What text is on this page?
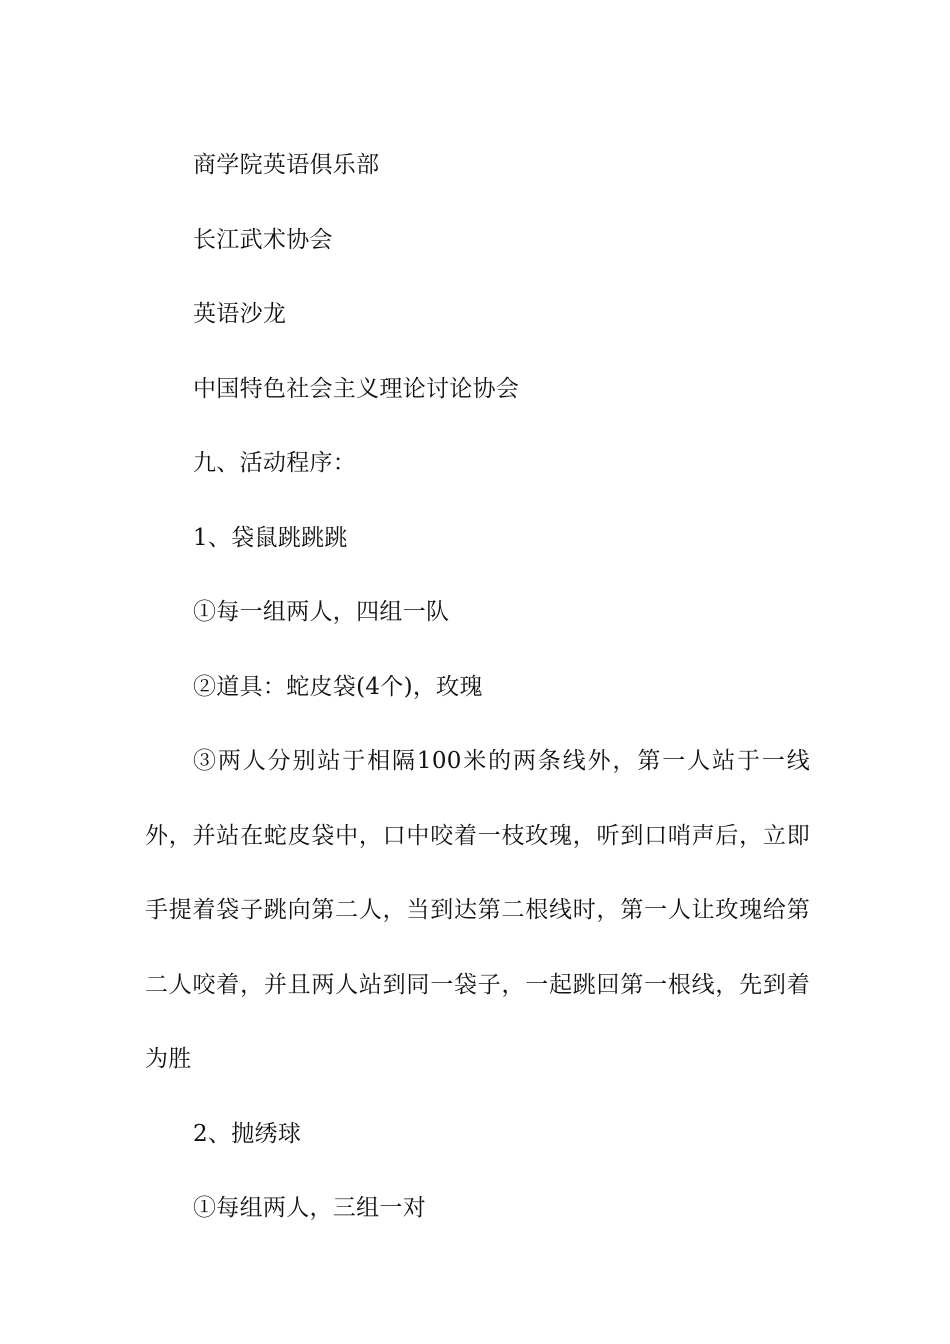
商学院英语俱乐部

长江武术协会

英语沙龙

中国特色社会主义理论讨论协会

九、活动程序：

1、袋鼠跳跳跳

①每一组两人，四组一队

②道具：蛇皮袋(4个)，玫瑰

③两人分别站于相隔100米的两条线外，第一人站于一线外，并站在蛇皮袋中，口中咬着一枝玫瑰，听到口哨声后，立即手提着袋子跳向第二人，当到达第二根线时，第一人让玫瑰给第二人咬着，并且两人站到同一袋子，一起跳回第一根线，先到着为胜

2、抛绣球

①每组两人，三组一对
